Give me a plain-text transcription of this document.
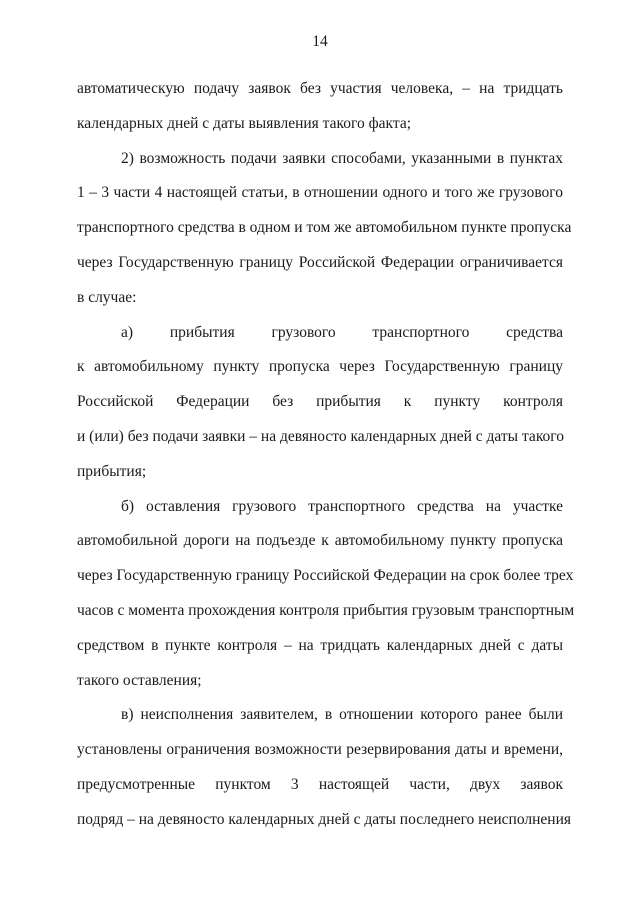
14
автоматическую подачу заявок без участия человека, – на тридцать
календарных дней с даты выявления такого факта;
2) возможность подачи заявки способами, указанными в пунктах
1 – 3 части 4 настоящей статьи, в отношении одного и того же грузового
транспортного средства в одном и том же автомобильном пункте пропуска
через Государственную границу Российской Федерации ограничивается
в случае:
а) прибытия грузового транспортного средства
к автомобильному пункту пропуска через Государственную границу
Российской Федерации без прибытия к пункту контроля
и (или) без подачи заявки – на девяносто календарных дней с даты такого
прибытия;
б) оставления грузового транспортного средства на участке
автомобильной дороги на подъезде к автомобильному пункту пропуска
через Государственную границу Российской Федерации на срок более трех
часов с момента прохождения контроля прибытия грузовым транспортным
средством в пункте контроля – на тридцать календарных дней с даты
такого оставления;
в) неисполнения заявителем, в отношении которого ранее были
установлены ограничения возможности резервирования даты и времени,
предусмотренные пунктом 3 настоящей части, двух заявок
подряд – на девяносто календарных дней с даты последнего неисполнения
